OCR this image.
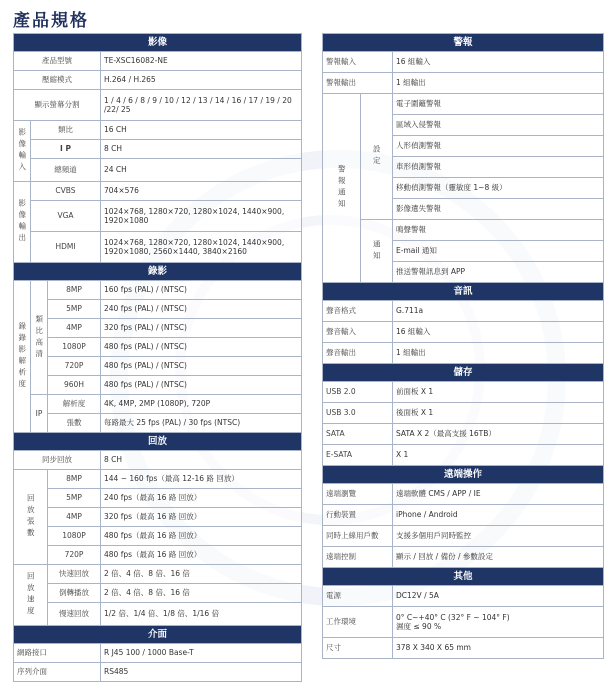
產品規格
影像			
產品型號			TE-XSC16082-NE
壓縮模式			H.264 / H.265
顯示螢幕分割			1 / 4 / 6 / 8 / 9 / 10 / 12 / 13 / 14 / 16 / 17 / 19 / 20 /22/ 25
影像輸入	類比		16 CH
	I P		8 CH
	總頻道		24 CH
影像輸出	CVBS		704×576
	VGA		1024×768, 1280×720, 1280×1024, 1440×900, 1920×1080
	HDMI		1024×768, 1280×720, 1280×1024, 1440×900, 1920×1080, 2560×1440, 3840×2160
錄影			
錄錄影解析度	類比高清	8MP	160 fps (PAL) / (NTSC)
		5MP	240 fps (PAL) / (NTSC)
		4MP	320 fps (PAL) / (NTSC)
		1080P	480 fps (PAL) / (NTSC)
		720P	480 fps (PAL) / (NTSC)
		960H	480 fps (PAL) / (NTSC)
	IP	解析度	4K, 4MP, 2MP (1080P), 720P
		張數	每路最大 25 fps (PAL) / 30 fps (NTSC)
回放			
同步回放			8 CH
回放張數		8MP	144 ~ 160 fps（最高 12-16 路 回放）
		5MP	240 fps（最高 16 路 回放）
		4MP	320 fps（最高 16 路 回放）
		1080P	480 fps（最高 16 路 回放）
		720P	480 fps（最高 16 路 回放）
回放速度		快速回放	2 倍、4 倍、8 倍、16 倍
		倒轉播放	2 倍、4 倍、8 倍、16 倍
		慢速回放	1/2 倍、1/4 倍、1/8 倍、1/16 倍
介面			
網路接口			R J45 100 / 1000 Base-T
序列介面			RS485
警報		
警報輸入		16 組輸入
警報輸出		1 組輸出
警報通知	設定	電子圍籬警報
		區域入侵警報
		人形偵測警報
		車形偵測警報
		移動偵測警報（靈敏度 1~8 級）
		影像遺失警報
	通知	鳴聲警報
		E-mail 通知
		推送警報訊息到 APP
音訊		
聲音格式		G.711a
聲音輸入		16 組輸入
聲音輸出		1 組輸出
儲存		
USB 2.0		前面板 X 1
USB 3.0		後面板 X 1
SATA		SATA X 2（最高支援 16TB）
E-SATA		X 1
遠端操作		
遠端瀏覽		遠端軟體 CMS / APP / IE
行動裝置		iPhone / Android
同時上線用戶數		支援多個用戶同時監控
遠端控制		顯示 / 回放 / 備份 / 參數設定
其他		
電源		DC12V / 5A
工作環境		0° C~+40° C (32° F ~ 104° F)
濕度 ≤ 90 %

尺寸		378 X 340 X 65 mm
